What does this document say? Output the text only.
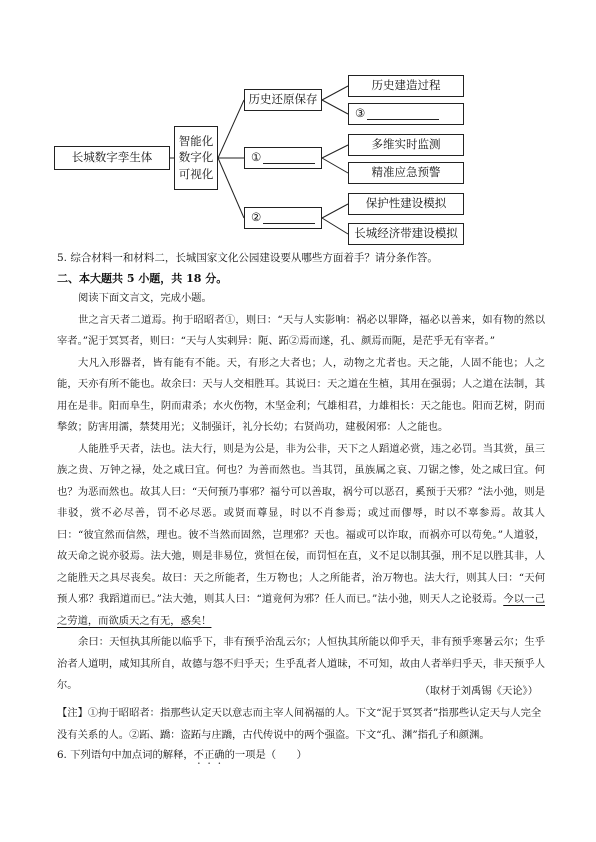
长城数字孪生体
智能化
数字化
可视化
历史还原保存
历史建造过程
③
①
多维实时监测
精准应急预警
②
保护性建设模拟
长城经济带建设模拟
5. 综合材料一和材料二，长城国家文化公园建设要从哪些方面着手？请分条作答。
二、本大题共 5 小题，共 18 分。

阅读下面文言文，完成小题。

世之言天者二道焉。拘于昭昭者①，则曰：“天与人实影响：祸必以罪降，福必以善来，如有物的然以宰者。”泥于冥冥者，则曰：“天与人实剌异：阨、跖②焉而遂，孔、颜焉而阨，是茫乎无有宰者。”

大凡入形器者，皆有能有不能。天，有形之大者也；人，动物之尤者也。天之能，人固不能也；人之能，天亦有所不能也。故余曰：天与人交相胜耳。其说曰：天之道在生植，其用在强弱；人之道在法制，其用在是非。阳而阜生，阴而肃杀；水火伤物，木坚金利；气雄相君，力雄相长：天之能也。阳而艺树，阴而揫敛；防害用濡，禁焚用光；义制强讦，礼分长幼；右贤尚功，建极闲邪：人之能也。

人能胜乎天者，法也。法大行，则是为公是，非为公非，天下之人蹈道必赏，违之必罚。当其赏，虽三族之贵、万钟之禄，处之咸曰宜。何也？为善而然也。当其罚，虽族属之哀、刀锯之惨，处之咸曰宜。何也？为恶而然也。故其人曰：“天何预乃事邪？福兮可以善取，祸兮可以恶召，奚预于天邪？”法小弛，则是非驳，赏不必尽善，罚不必尽恶。或贤而尊显，时以不肖参焉；或过而僇辱，时以不辜参焉。故其人曰：“彼宜然而信然，理也。彼不当然而固然，岂理邪？天也。福或可以诈取，而祸亦可以苟免。”人道驳，故天命之说亦驳焉。法大弛，则是非易位，赏恒在佞，而罚恒在直，义不足以制其强，刑不足以胜其非，人之能胜天之具尽丧矣。故曰：天之所能者，生万物也；人之所能者，治万物也。法大行，则其人曰：“天何预人邪？我蹈道而已。”法大弛，则其人曰：“道竟何为邪？任人而已。”法小弛，则天人之论驳焉。今以一己之劳道，而欲质天之有无，惑矣！

余曰：天恒执其所能以临乎下，非有预乎治乱云尔；人恒执其所能以仰乎天，非有预乎寒暑云尔；生乎治者人道明，咸知其所自，故德与怨不归乎天；生乎乱者人道昧，不可知，故由人者举归乎天，非天预乎人尔。	（取材于刘禹锡《天论》）
【注】①拘于昭昭者：指那些认定天以意志而主宰人间祸福的人。下文“泥于冥冥者”指那些认定天与人完全没有关系的人。②跖、蹻：盗跖与庄蹻，古代传说中的两个强盗。下文“孔、渊”指孔子和颜渊。
6. 下列语句中加点词的解释，不正确的一项是（　　）
